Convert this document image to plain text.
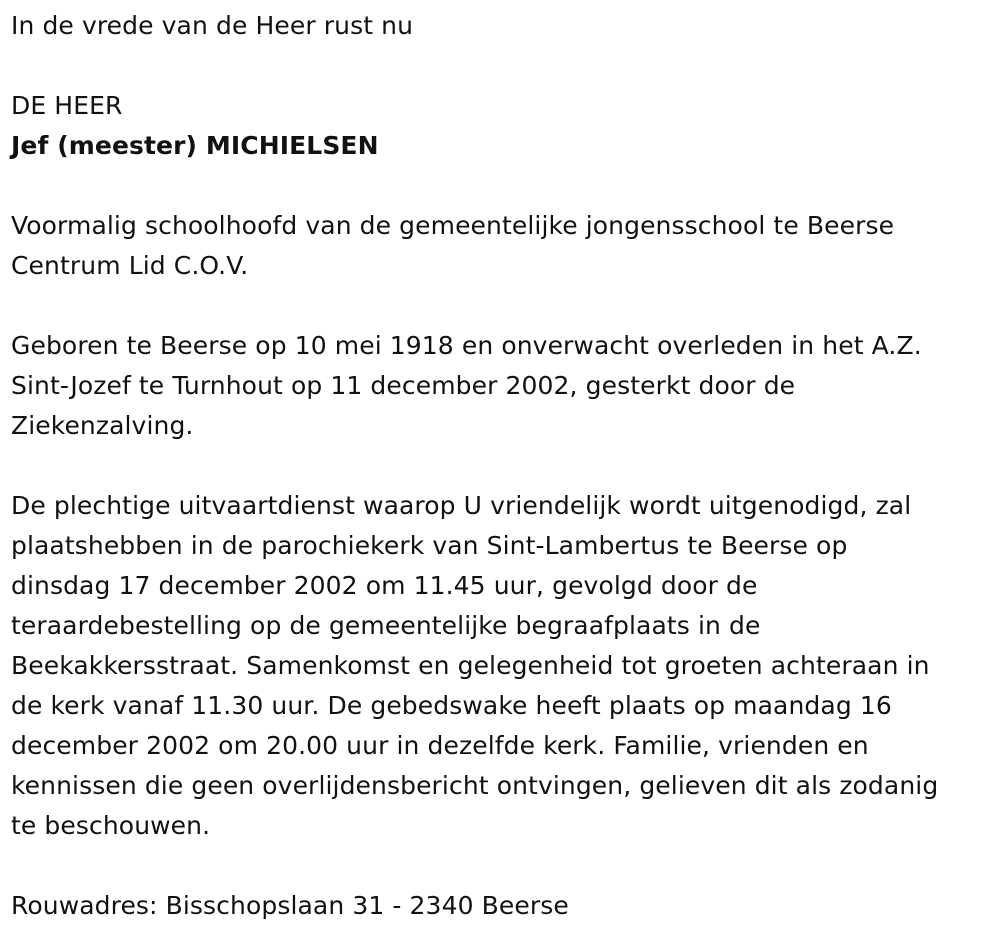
In de vrede van de Heer rust nu
DE HEER
Jef (meester) MICHIELSEN

Voormalig schoolhoofd van de gemeentelijke jongensschool te Beerse
Centrum Lid C.O.V.

Geboren te Beerse op 10 mei 1918 en onverwacht overleden in het A.Z.
Sint-Jozef te Turnhout op 11 december 2002, gesterkt door de
Ziekenzalving.

De plechtige uitvaartdienst waarop U vriendelijk wordt uitgenodigd, zal
plaatshebben in de parochiekerk van Sint-Lambertus te Beerse op
dinsdag 17 december 2002 om 11.45 uur, gevolgd door de
teraardebestelling op de gemeentelijke begraafplaats in de
Beekakkersstraat. Samenkomst en gelegenheid tot groeten achteraan in
de kerk vanaf 11.30 uur. De gebedswake heeft plaats op maandag 16
december 2002 om 20.00 uur in dezelfde kerk. Familie, vrienden en
kennissen die geen overlijdensbericht ontvingen, gelieven dit als zodanig
te beschouwen.

Rouwadres: Bisschopslaan 31 - 2340 Beerse
